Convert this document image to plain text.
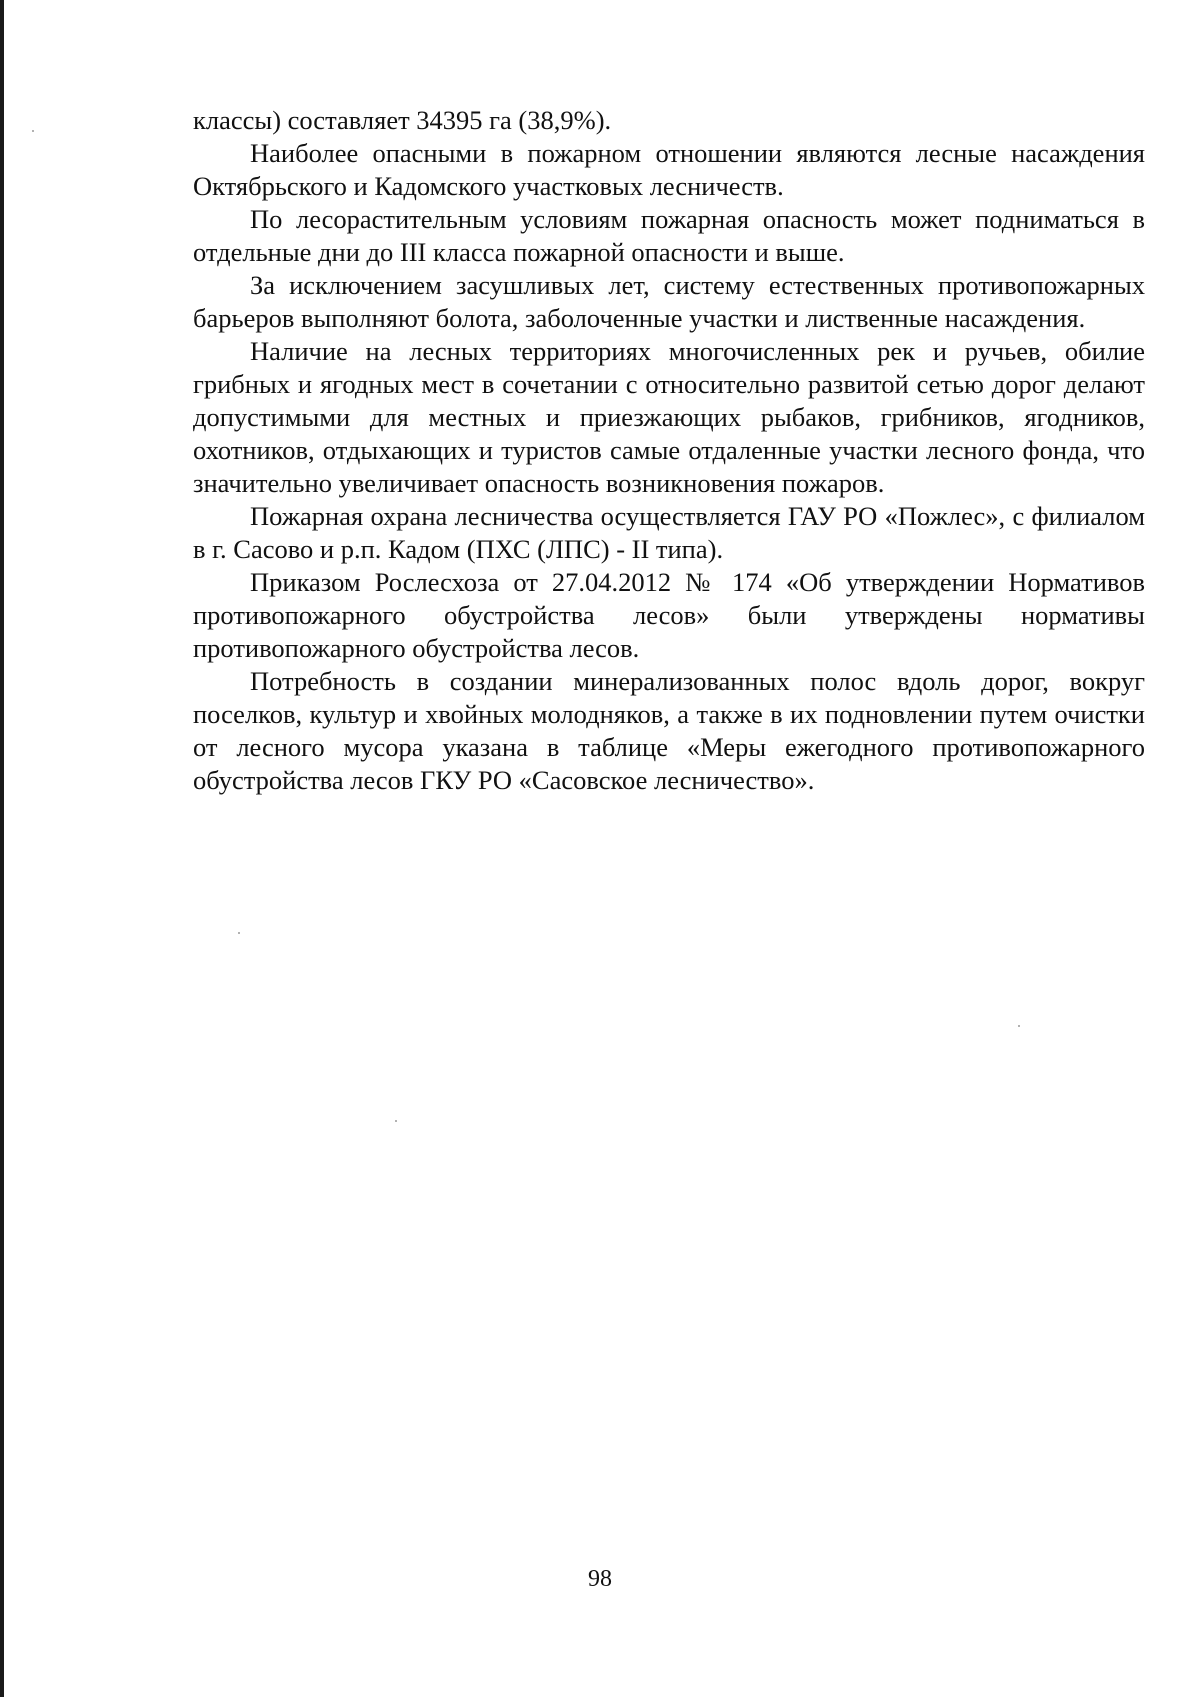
классы) составляет 34395 га (38,9%).

Наиболее опасными в пожарном отношении являются лесные насаждения Октябрьского и Кадомского участковых лесничеств.

По лесорастительным условиям пожарная опасность может подниматься в отдельные дни до III класса пожарной опасности и выше.

За исключением засушливых лет, систему естественных противопожарных барьеров выполняют болота, заболоченные участки и лиственные насаждения.

Наличие на лесных территориях многочисленных рек и ручьев, обилие грибных и ягодных мест в сочетании с относительно развитой сетью дорог делают допустимыми для местных и приезжающих рыбаков, грибников, ягодников, охотников, отдыхающих и туристов самые отдаленные участки лесного фонда, что значительно увеличивает опасность возникновения пожаров.

Пожарная охрана лесничества осуществляется ГАУ РО «Пожлес», с филиалом в г. Сасово и р.п. Кадом (ПХС (ЛПС) - II типа).

Приказом Рослесхоза от 27.04.2012 № 174 «Об утверждении Нормативов противопожарного обустройства лесов» были утверждены нормативы противопожарного обустройства лесов.

Потребность в создании минерализованных полос вдоль дорог, вокруг поселков, культур и хвойных молодняков, а также в их подновлении путем очистки от лесного мусора указана в таблице «Меры ежегодного противопожарного обустройства лесов ГКУ РО «Сасовское лесничество».

98
